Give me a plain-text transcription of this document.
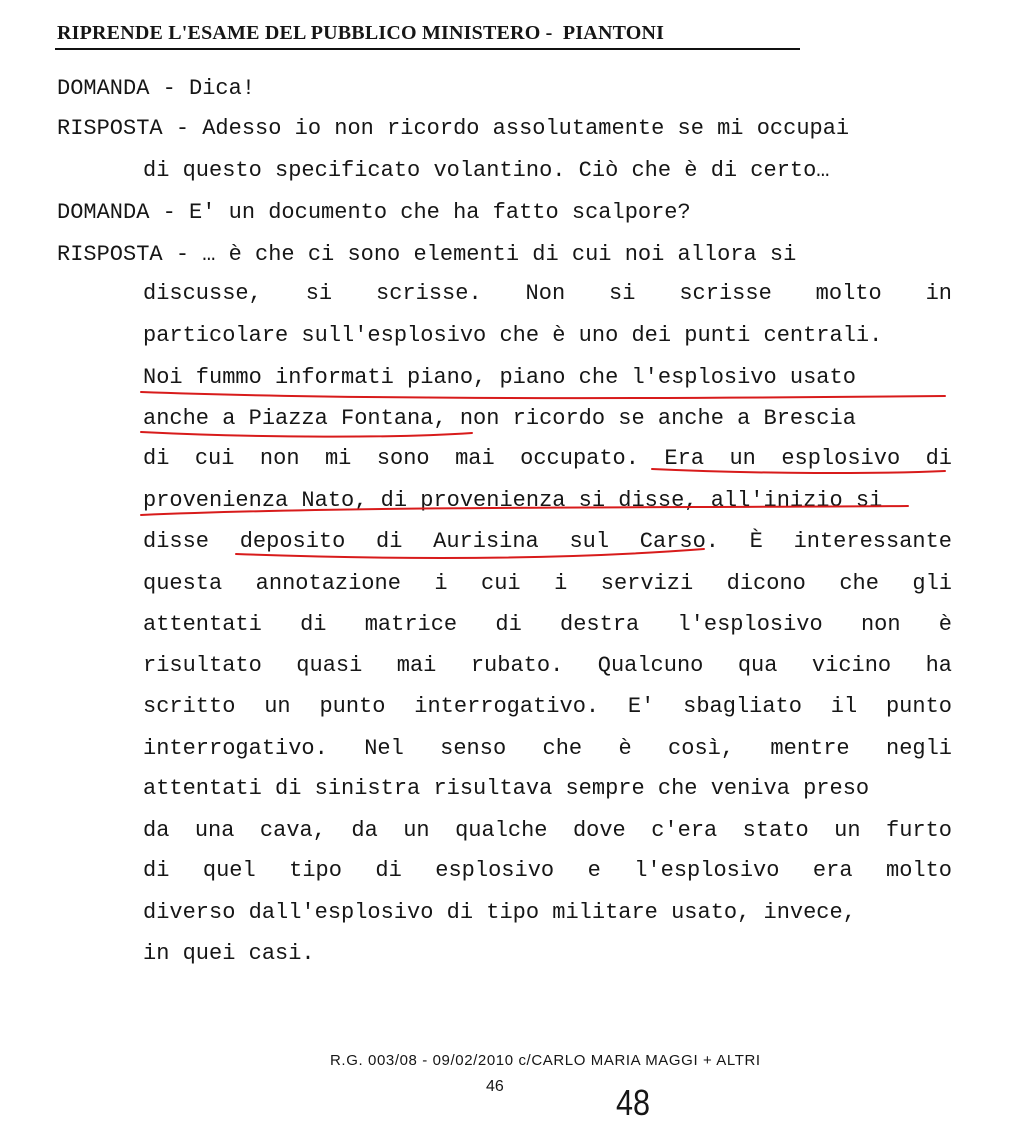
RIPRENDE L'ESAME DEL PUBBLICO MINISTERO -  PIANTONI
DOMANDA - Dica!
RISPOSTA - Adesso io non ricordo assolutamente se mi occupai
di questo specificato volantino. Ciò che è di certo…
DOMANDA - E' un documento che ha fatto scalpore?
RISPOSTA - … è che ci sono elementi di cui noi allora si
discusse, si scrisse. Non si scrisse molto in
particolare sull'esplosivo che è uno dei punti centrali.
Noi fummo informati piano, piano che l'esplosivo usato
anche a Piazza Fontana, non ricordo se anche a Brescia
di cui non mi sono mai occupato. Era un esplosivo di
provenienza Nato, di provenienza si disse, all'inizio si
disse deposito di Aurisina sul Carso. È interessante
questa annotazione i cui i servizi dicono che gli
attentati di matrice di destra l'esplosivo non è
risultato quasi mai rubato. Qualcuno qua vicino ha
scritto un punto interrogativo. E' sbagliato il punto
interrogativo. Nel senso che è così, mentre negli
attentati di sinistra risultava sempre che veniva preso
da una cava, da un qualche dove c'era stato un furto
di quel tipo di esplosivo e l'esplosivo era molto
diverso dall'esplosivo di tipo militare usato, invece,
in quei casi.
R.G. 003/08 - 09/02/2010 c/CARLO MARIA MAGGI + ALTRI
46	48
